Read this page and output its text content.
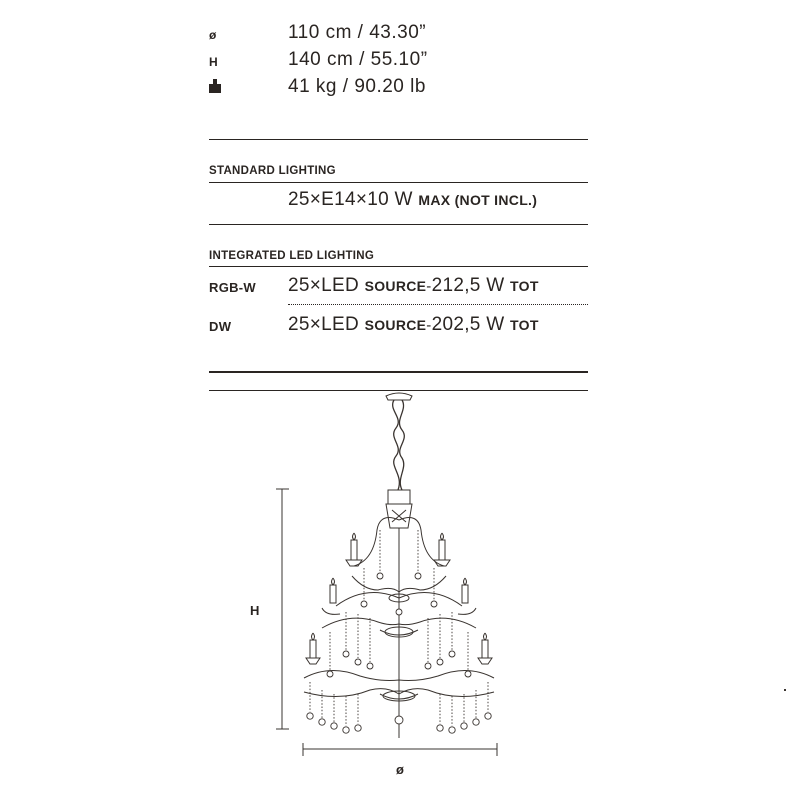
ø	110 cm / 43.30”
H	140 cm / 55.10”
41 kg / 90.20 lb
STANDARD LIGHTING
25×E14×10 W MAX (NOT INCL.)
INTEGRATED LED LIGHTING
RGB-W 25×LED SOURCE-212,5 W TOT
DW	25×LED SOURCE-202,5 W TOT
H
ø
